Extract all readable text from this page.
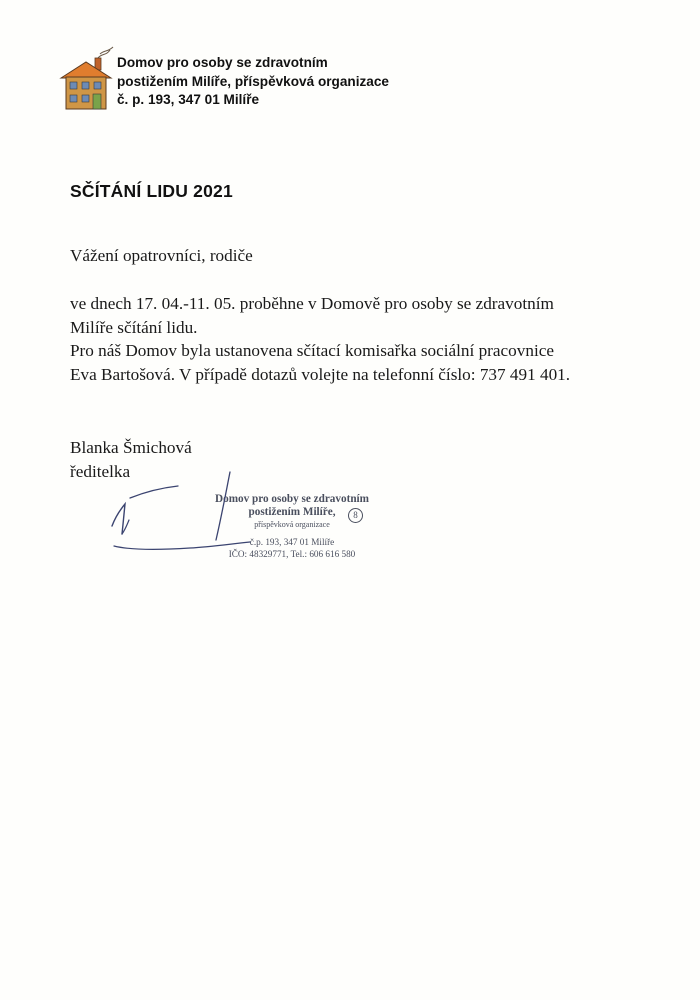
Domov pro osoby se zdravotním
postižením Milíře, příspěvková organizace
č. p. 193, 347 01 Milíře
SČÍTÁNÍ LIDU 2021
Vážení opatrovníci, rodiče
ve dnech 17. 04.-11. 05. proběhne v Domově pro osoby se zdravotním
Milíře sčítání lidu.
Pro náš Domov byla ustanovena sčítací komisařka sociální pracovnice
Eva Bartošová. V případě dotazů volejte na telefonní číslo: 737 491 401.
Blanka Šmichová
ředitelka
Domov pro osoby se zdravotním
postižením Milíře,
příspěvková organizace
č.p. 193, 347 01 Milíře
IČO: 48329771, Tel.: 606 616 580
8
